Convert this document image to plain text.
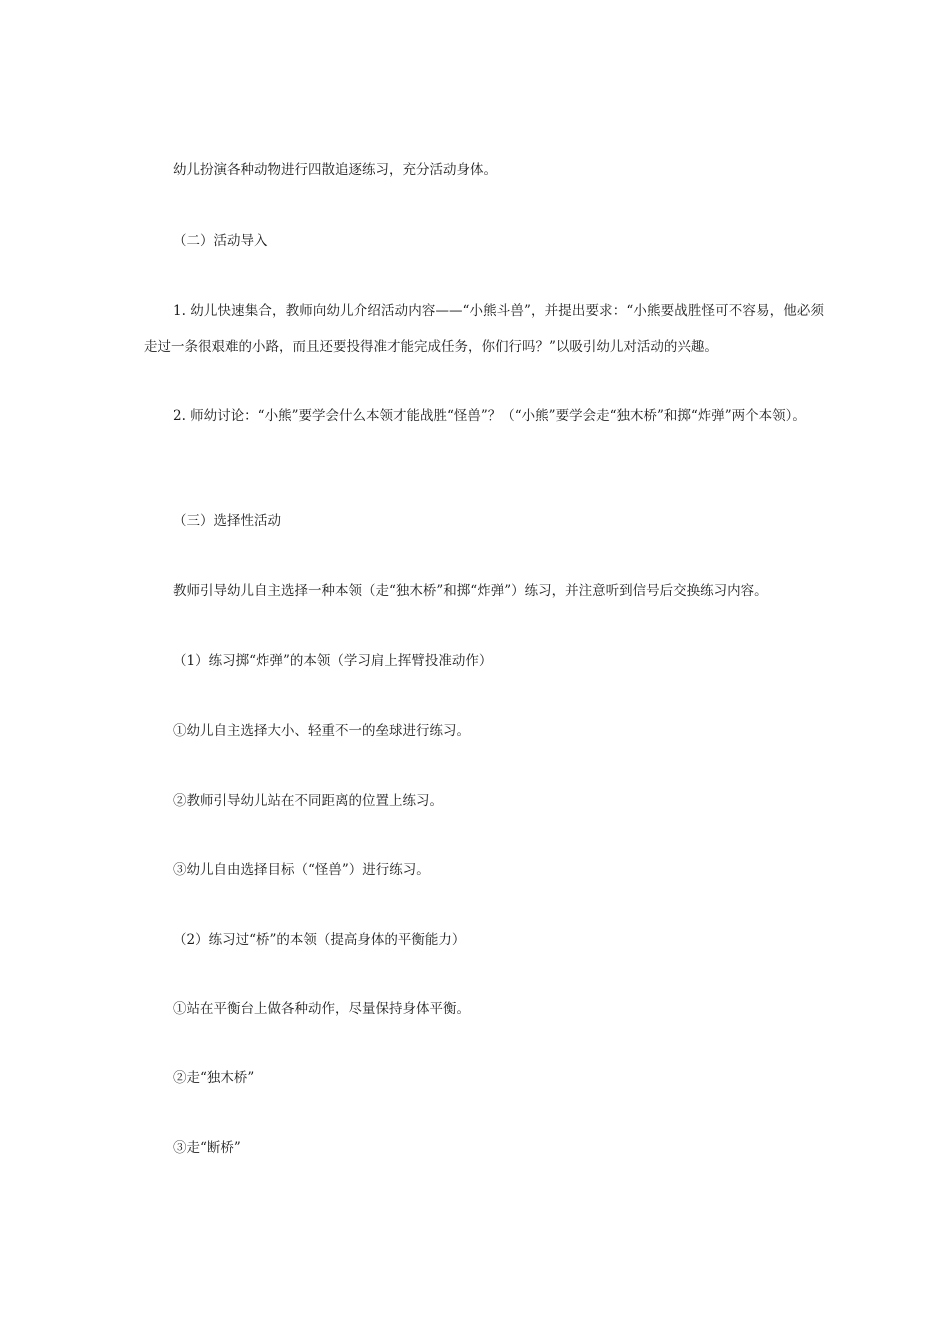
幼儿扮演各种动物进行四散追逐练习，充分活动身体。

（二）活动导入

1. 幼儿快速集合，教师向幼儿介绍活动内容——“小熊斗兽”，并提出要求：“小熊要战胜怪可不容易，他必须走过一条很艰难的小路，而且还要投得准才能完成任务，你们行吗？”以吸引幼儿对活动的兴趣。

2. 师幼讨论：“小熊”要学会什么本领才能战胜“怪兽”？（“小熊”要学会走“独木桥”和掷“炸弹”两个本领）。

（三）选择性活动

教师引导幼儿自主选择一种本领（走“独木桥”和掷“炸弹”）练习，并注意听到信号后交换练习内容。

（1）练习掷“炸弹”的本领（学习肩上挥臂投准动作）

①幼儿自主选择大小、轻重不一的垒球进行练习。

②教师引导幼儿站在不同距离的位置上练习。

③幼儿自由选择目标（“怪兽”）进行练习。

（2）练习过“桥”的本领（提高身体的平衡能力）

①站在平衡台上做各种动作，尽量保持身体平衡。

②走“独木桥”

③走“断桥”
